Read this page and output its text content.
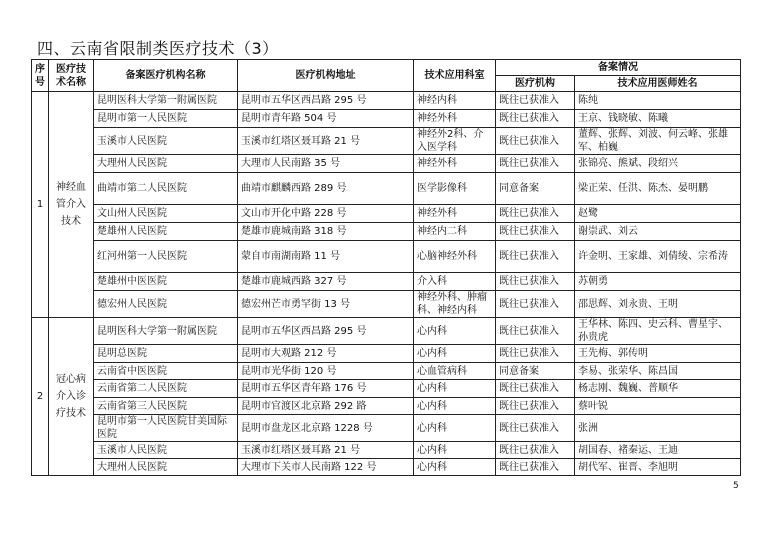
四、云南省限制类医疗技术（3）
序号	医疗技术名称	备案医疗机构名称	医疗机构地址	技术应用科室	备案情况	
					医疗机构	技术应用医师姓名
1	神经血管介入技术	昆明医科大学第一附属医院	昆明市五华区西昌路 295 号	神经内科	既往已获准入	陈纯
		昆明市第一人民医院	昆明市青年路 504 号	神经外科	既往已获准入	王京、钱晓敏、陈曦
		玉溪市人民医院	玉溪市红塔区聂耳路 21 号	神经外2科、介入医学科	既往已获准入	董辉、张辉、刘波、何云峰、张雄军、柏巍
		大理州人民医院	大理市人民南路 35 号	神经外科	既往已获准入	张锦亮、熊斌、段绍兴
		曲靖市第二人民医院	曲靖市麒麟西路 289 号	医学影像科	同意备案	梁正荣、任洪、陈杰、晏明鹏
		文山州人民医院	文山市开化中路 228 号	神经外科	既往已获准入	赵鹭
		楚雄州人民医院	楚雄市鹿城南路 318 号	神经内二科	既往已获准入	谢崇武、刘云
		红河州第一人民医院	蒙自市南湖南路 11 号	心脑神经外科	既往已获准入	许金明、王家雄、刘倩绫、宗希涛
		楚雄州中医医院	楚雄市鹿城西路 327 号	介入科	既往已获准入	苏朝勇
		德宏州人民医院	德宏州芒市勇罕街 13 号	神经外科、肿瘤科、神经内科	既往已获准入	邵思辉、刘永贵、王明
2	冠心病介入诊疗技术	昆明医科大学第一附属医院	昆明市五华区西昌路 295 号	心内科	既往已获准入	王华林、陈四、史云科、曹星宇、孙贵虎
		昆明总医院	昆明市大观路 212 号	心内科	既往已获准入	王先梅、郭传明
		云南省中医医院	昆明市光华街 120 号	心血管病科	同意备案	李易、张荣华、陈昌国
		云南省第二人民医院	昆明市五华区青年路 176 号	心内科	既往已获准入	杨志刚、魏巍、普顺华
		云南省第三人民医院	昆明市官渡区北京路 292 路	心内科	既往已获准入	蔡叶锐
		昆明市第一人民医院甘美国际医院	昆明市盘龙区北京路 1228 号	心内科	既往已获准入	张洲
		玉溪市人民医院	玉溪市红塔区聂耳路 21 号	心内科	既往已获准入	胡国春、褚秦运、王迪
		大理州人民医院	大理市下关市人民南路 122 号	心内科	既往已获准入	胡代军、崔晋、李旭明
5
